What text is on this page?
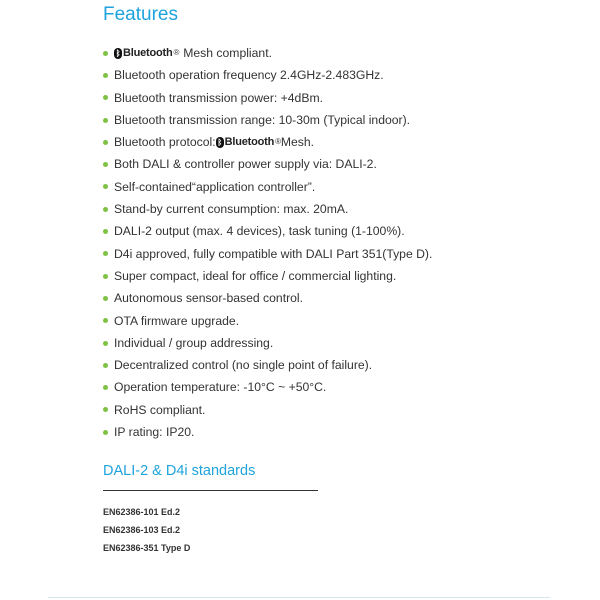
Features
ᛒ Bluetooth ® Mesh compliant.
Bluetooth operation frequency 2.4GHz-2.483GHz.
Bluetooth transmission power: +4dBm.
Bluetooth transmission range: 10-30m (Typical indoor).
Bluetooth protocol: ᛒ Bluetooth ® Mesh.
Both DALI & controller power supply via: DALI-2.
Self-contained“application controller”.
Stand-by current consumption: max. 20mA.
DALI-2 output (max. 4 devices), task tuning (1-100%).
D4i approved, fully compatible with DALI Part 351(Type D).
Super compact, ideal for office / commercial lighting.
Autonomous sensor-based control.
OTA firmware upgrade.
Individual / group addressing.
Decentralized control (no single point of failure).
Operation temperature: -10°C ~ +50°C.
RoHS compliant.
IP rating: IP20.
DALI-2 & D4i standards
EN62386-101 Ed.2
EN62386-103 Ed.2
EN62386-351 Type D
